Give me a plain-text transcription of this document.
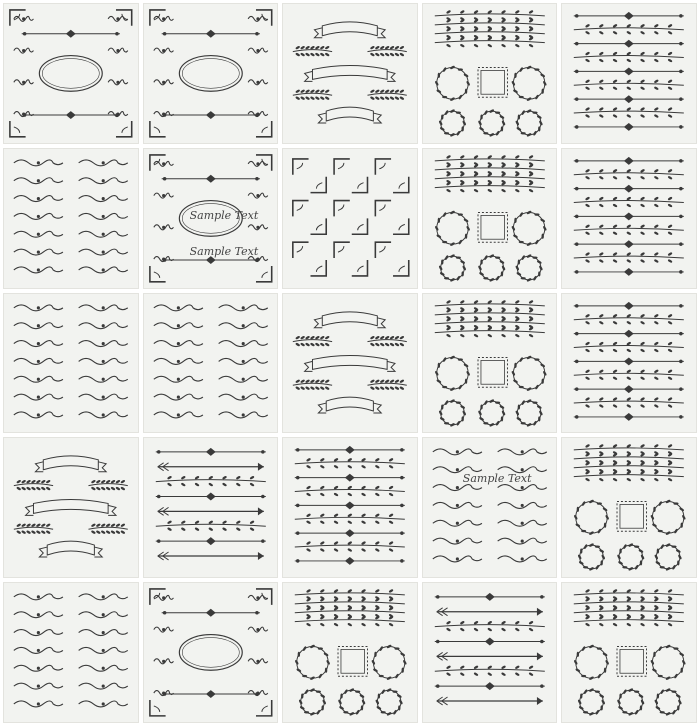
Sample Text
Sample Text
Sample Text
